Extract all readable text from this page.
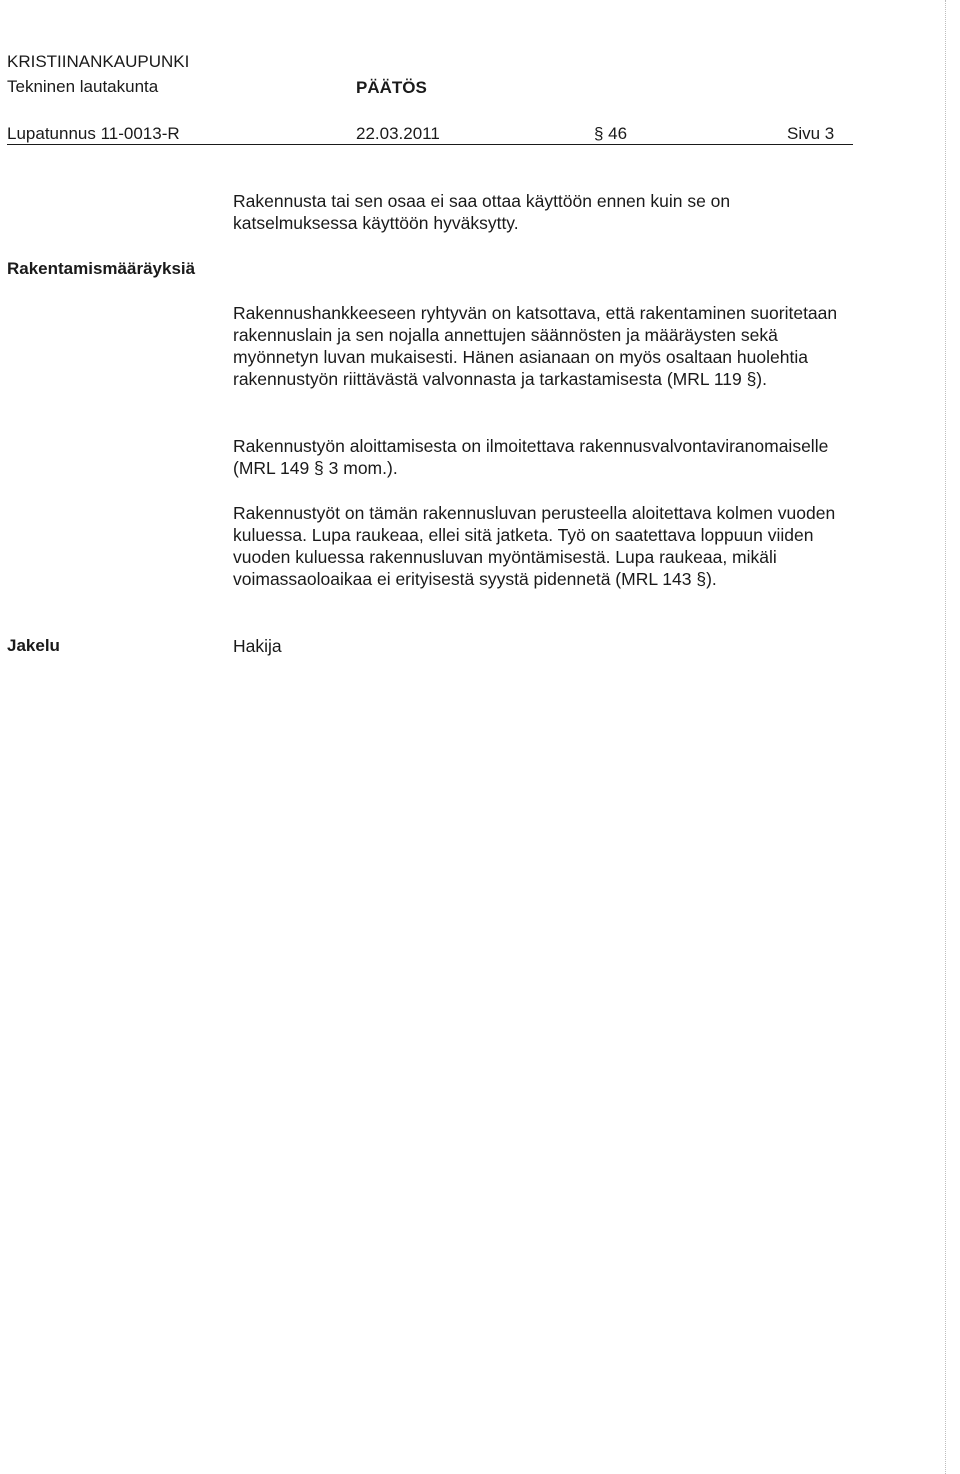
KRISTIINANKAUPUNKI
Tekninen lautakunta	PÄÄTÖS
Lupatunnus 11-0013-R	22.03.2011	§ 46	Sivu 3

Rakennusta tai sen osaa ei saa ottaa käyttöön ennen kuin se on katselmuksessa käyttöön hyväksytty.

Rakentamismääräyksiä

Rakennushankkeeseen ryhtyvän on katsottava, että rakentaminen suoritetaan rakennuslain ja sen nojalla annettujen säännösten ja määräysten sekä myönnetyn luvan mukaisesti. Hänen asianaan on myös osaltaan huolehtia rakennustyön riittävästä valvonnasta ja tarkastamisesta (MRL 119 §).

Rakennustyön aloittamisesta on ilmoitettava rakennusvalvontaviranomaiselle (MRL 149 § 3 mom.).

Rakennustyöt on tämän rakennusluvan perusteella aloitettava kolmen vuoden kuluessa. Lupa raukeaa, ellei sitä jatketa. Työ on saatettava loppuun viiden vuoden kuluessa rakennusluvan myöntämisestä. Lupa raukeaa, mikäli voimassaoloaikaa ei erityisestä syystä pidennetä (MRL 143 §).

Jakelu	Hakija
